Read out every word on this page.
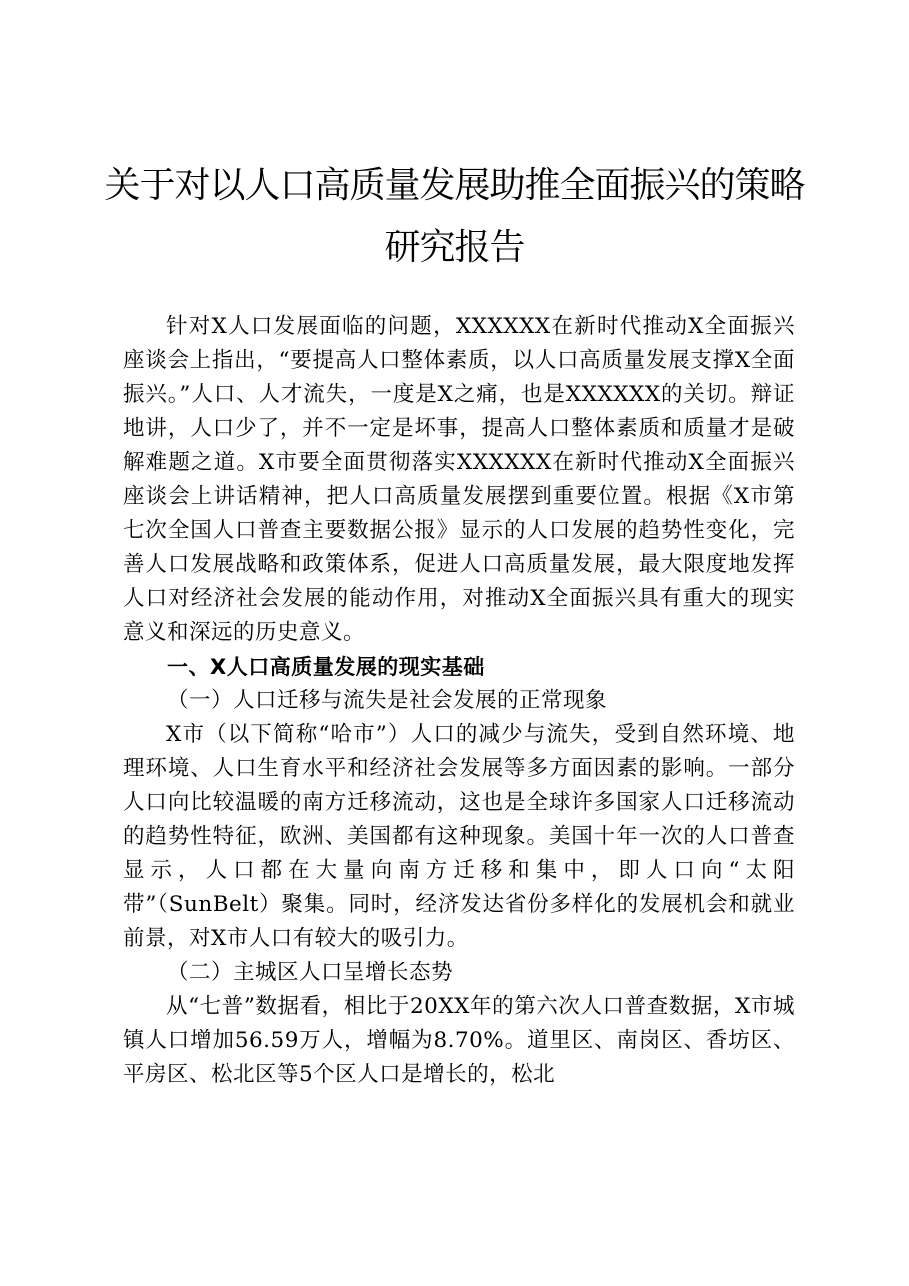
关于对以人口高质量发展助推全面振兴的策略
研究报告

针对X人口发展面临的问题，XXXXXX在新时代推动X全面振兴座谈会上指出，“要提高人口整体素质，以人口高质量发展支撑X全面振兴。”人口、人才流失，一度是X之痛，也是XXXXXX的关切。辩证地讲，人口少了，并不一定是坏事，提高人口整体素质和质量才是破解难题之道。X市要全面贯彻落实XXXXXX在新时代推动X全面振兴座谈会上讲话精神，把人口高质量发展摆到重要位置。根据《X市第七次全国人口普查主要数据公报》显示的人口发展的趋势性变化，完善人口发展战略和政策体系，促进人口高质量发展，最大限度地发挥人口对经济社会发展的能动作用，对推动X全面振兴具有重大的现实意义和深远的历史意义。

一、X人口高质量发展的现实基础
（一）人口迁移与流失是社会发展的正常现象

X市（以下简称“哈市”）人口的减少与流失，受到自然环境、地理环境、人口生育水平和经济社会发展等多方面因素的影响。一部分人口向比较温暖的南方迁移流动，这也是全球许多国家人口迁移流动的趋势性特征，欧洲、美国都有这种现象。美国十年一次的人口普查显示，人口都在大量向南方迁移和集中，即人口向“太阳带”（SunBelt）聚集。同时，经济发达省份多样化的发展机会和就业前景，对X市人口有较大的吸引力。

（二）主城区人口呈增长态势

从“七普”数据看，相比于20XX年的第六次人口普查数据，X市城镇人口增加56.59万人，增幅为8.70%。道里区、南岗区、香坊区、平房区、松北区等5个区人口是增长的，松北
